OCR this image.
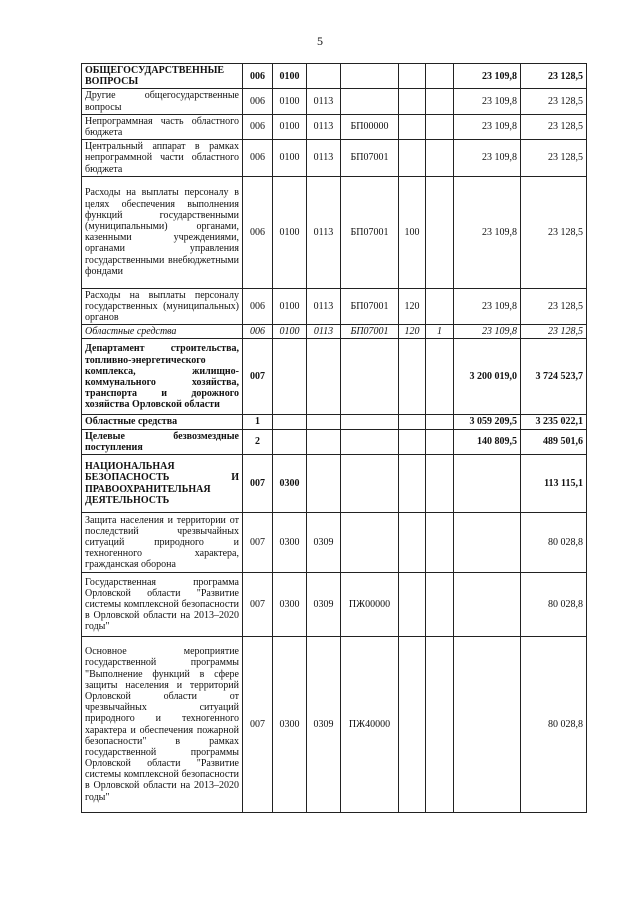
5
ОБЩЕГОСУДАРСТВЕННЫЕ ВОПРОСЫ	006	0100					23 109,8	23 128,5
Другие общегосударственные вопросы	006	0100	0113				23 109,8	23 128,5
Непрограммная часть областного бюджета	006	0100	0113	БП00000			23 109,8	23 128,5
Центральный аппарат в рамках непрограммной части областного бюджета	006	0100	0113	БП07001			23 109,8	23 128,5
Расходы на выплаты персоналу в целях обеспечения выполнения функций государственными (муниципальными) органами, казенными учреждениями, органами управления государственными внебюджетными фондами	006	0100	0113	БП07001	100		23 109,8	23 128,5
Расходы на выплаты персоналу государственных (муниципальных) органов	006	0100	0113	БП07001	120		23 109,8	23 128,5
Областные средства	006	0100	0113	БП07001	120	1	23 109,8	23 128,5
Департамент строительства, топливно-энергетического комплекса, жилищно-коммунального хозяйства, транспорта и дорожного хозяйства Орловской области	007						3 200 019,0	3 724 523,7
Областные средства	1						3 059 209,5	3 235 022,1
Целевые безвозмездные поступления	2						140 809,5	489 501,6
НАЦИОНАЛЬНАЯ БЕЗОПАСНОСТЬ И ПРАВООХРАНИТЕЛЬНАЯ ДЕЯТЕЛЬНОСТЬ	007	0300						113 115,1
Защита населения и территории от последствий чрезвычайных ситуаций природного и техногенного характера, гражданская оборона	007	0300	0309					80 028,8
Государственная программа Орловской области "Развитие системы комплексной безопасности в Орловской области на 2013–2020 годы"	007	0300	0309	ПЖ00000				80 028,8
Основное мероприятие государственной программы "Выполнение функций в сфере защиты населения и территорий Орловской области от чрезвычайных ситуаций природного и техногенного характера и обеспечения пожарной безопасности" в рамках государственной программы Орловской области "Развитие системы комплексной безопасности в Орловской области на 2013–2020 годы"	007	0300	0309	ПЖ40000				80 028,8
